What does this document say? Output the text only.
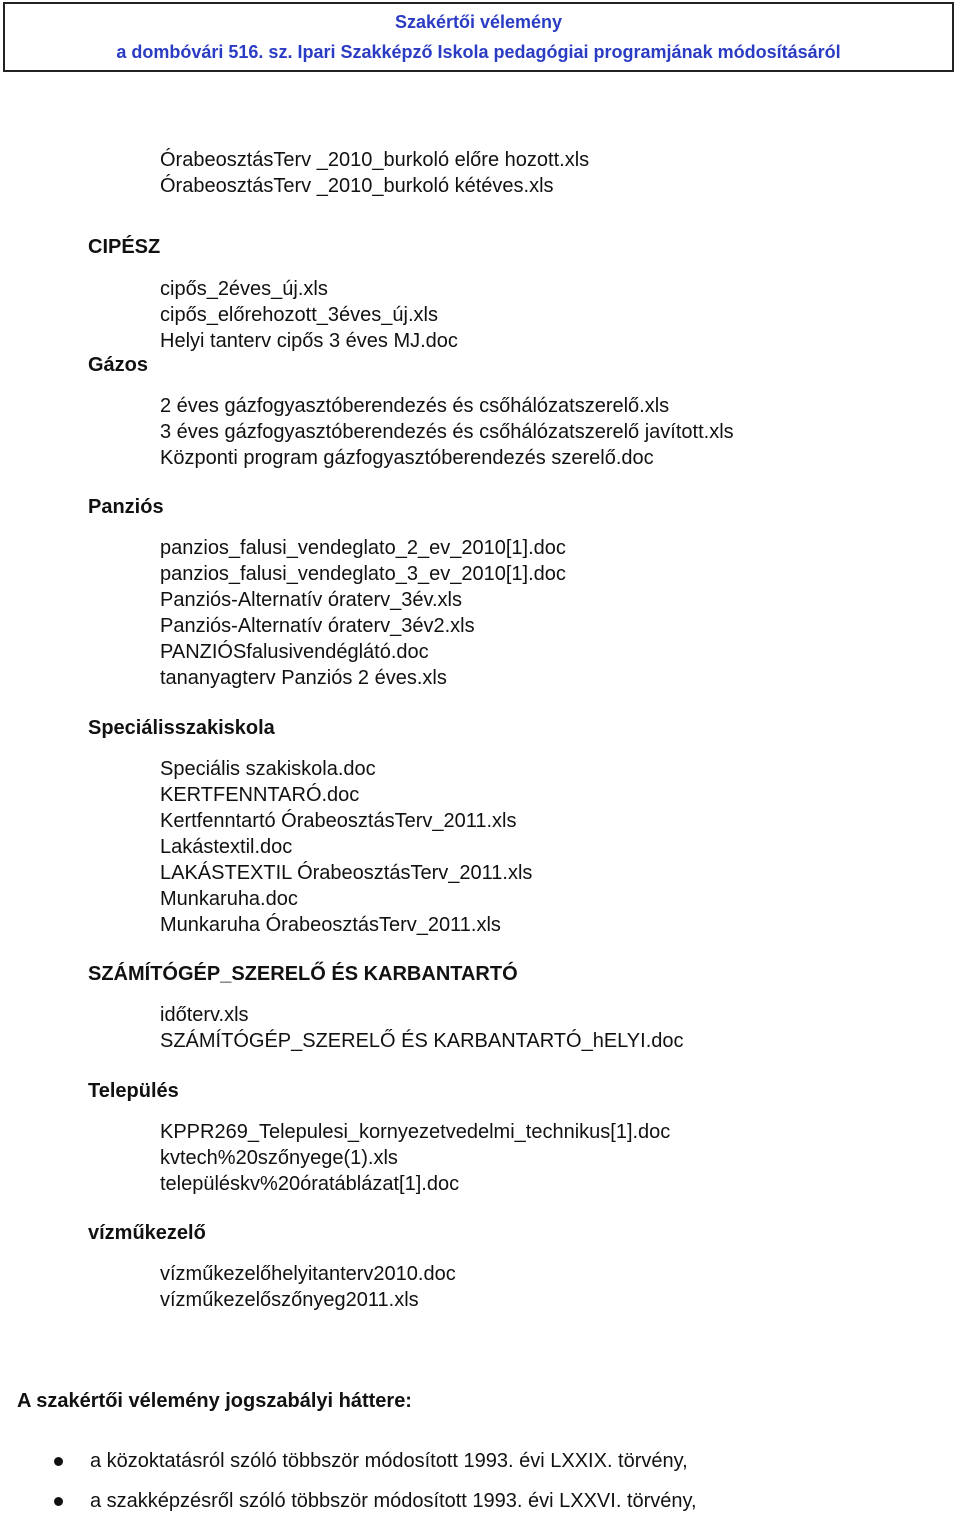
Szakértői vélemény
a dombóvári 516. sz. Ipari Szakképző Iskola pedagógiai programjának módosításáról
ÓrabeosztásTerv _2010_burkoló előre hozott.xls
ÓrabeosztásTerv _2010_burkoló kétéves.xls
CIPÉSZ
cipős_2éves_új.xls
cipős_előrehozott_3éves_új.xls
Helyi tanterv cipős 3 éves MJ.doc
Gázos
2 éves gázfogyasztóberendezés és csőhálózatszerelő.xls
3 éves gázfogyasztóberendezés és csőhálózatszerelő javított.xls
Központi program gázfogyasztóberendezés szerelő.doc
Panziós
panzios_falusi_vendeglato_2_ev_2010[1].doc
panzios_falusi_vendeglato_3_ev_2010[1].doc
Panziós-Alternatív óraterv_3év.xls
Panziós-Alternatív óraterv_3év2.xls
PANZIÓSfalusivendéglátó.doc
tananyagterv Panziós 2 éves.xls
Speciálisszakiskola
Speciális szakiskola.doc
KERTFENNTARÓ.doc
Kertfenntartó ÓrabeosztásTerv_2011.xls
Lakástextil.doc
LAKÁSTEXTIL ÓrabeosztásTerv_2011.xls
Munkaruha.doc
Munkaruha ÓrabeosztásTerv_2011.xls
SZÁMÍTÓGÉP_SZERELŐ ÉS KARBANTARTÓ
időterv.xls
SZÁMÍTÓGÉP_SZERELŐ ÉS KARBANTARTÓ_hELYI.doc
Település
KPPR269_Telepulesi_kornyezetvedelmi_technikus[1].doc
kvtech%20szőnyege(1).xls
településkv%20óratáblázat[1].doc
vízműkezelő
vízműkezelőhelyitanterv2010.doc
vízműkezelőszőnyeg2011.xls
A szakértői vélemény jogszabályi háttere:
a közoktatásról szóló többször módosított 1993. évi LXXIX. törvény,
a szakképzésről szóló többször módosított 1993. évi LXXVI. törvény,
